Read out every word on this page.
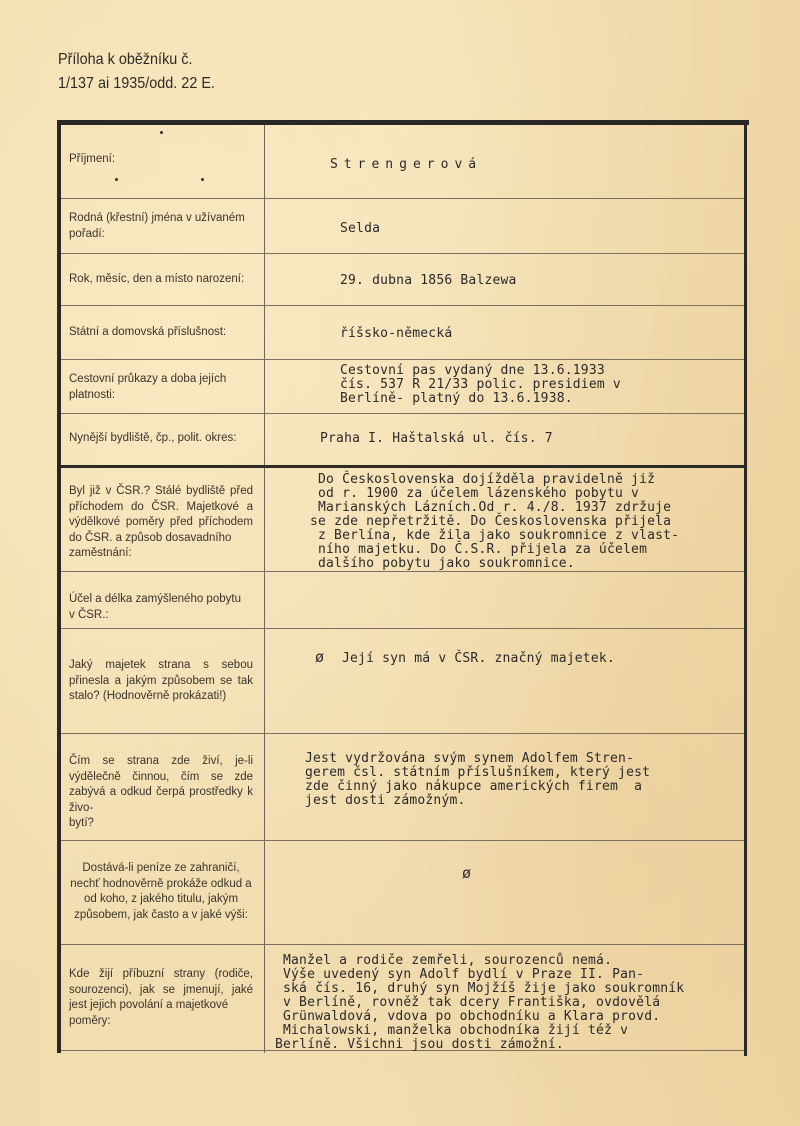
Příloha k oběžníku č.
1/137 ai 1935/odd. 22 E.
Příjmení:	Strengerová
Rodná (křestní) jména v užívaném
pořadí:	Selda
Rok, měsíc, den a místo narození:	29. dubna 1856 Balzewa
Státní a domovská příslušnost:	říšsko-německá
Cestovní průkazy a doba jejích
platnosti:
Cestovní pas vydaný dne 13.6.1933
čís. 537 R 21/33 polic. presidiem v
Berlíně- platný do 13.6.1938.
Nynější bydliště, čp., polit. okres:	Praha I. Haštalská ul. čís. 7
Byl již v ČSR.? Stálé bydliště před příchodem do ČSR. Majetkové a výdělkové poměry před příchodem do ČSR. a způsob dosavadního
zaměstnání:
Do Československa dojížděla pravidelně již
od r. 1900 za účelem lázenského pobytu v
Marianských Lázních.Od r. 4./8. 1937 zdržuje
se zde nepřetržitě. Do Československa přijela
z Berlína, kde žila jako soukromnice z vlast-
ního majetku. Do Č.S.R. přijela za účelem
dalšího pobytu jako soukromnice.
Účel a délka zamýšleného pobytu
v ČSR.:
Jaký majetek strana s sebou přinesla a jakým způsobem se tak stalo? (Hodnověrně prokázati!)
ø Její syn má v ČSR. značný majetek.
Čím se strana zde živí, je-li výdělečně činnou, čím se zde zabývá a odkud čerpá prostředky k živo-
bytí?
Jest vydržována svým synem Adolfem Stren-
gerem čsl. státním příslušníkem, který jest
zde činný jako nákupce amerických firem  a
jest dosti zámožným.
Dostává-li peníze ze zahraničí, nechť hodnověrně prokáže odkud a od koho, z jakého titulu, jakým způsobem, jak často a v jaké výši:
ø
Kde žijí příbuzní strany (rodiče, sourozenci), jak se jmenují, jaké jest jejich povolání a majetkové
poměry:
Manžel a rodiče zemřeli, sourozenců nemá.
Výše uvedený syn Adolf bydlí v Praze II. Pan-
ská čís. 16, druhý syn Mojžíš žije jako soukromník
v Berlíně, rovněž tak dcery Františka, ovdovělá
Grünwaldová, vdova po obchodníku a Klara provd.
Michalowski, manželka obchodníka žijí též v
Berlíně. Všichni jsou dosti zámožní.
